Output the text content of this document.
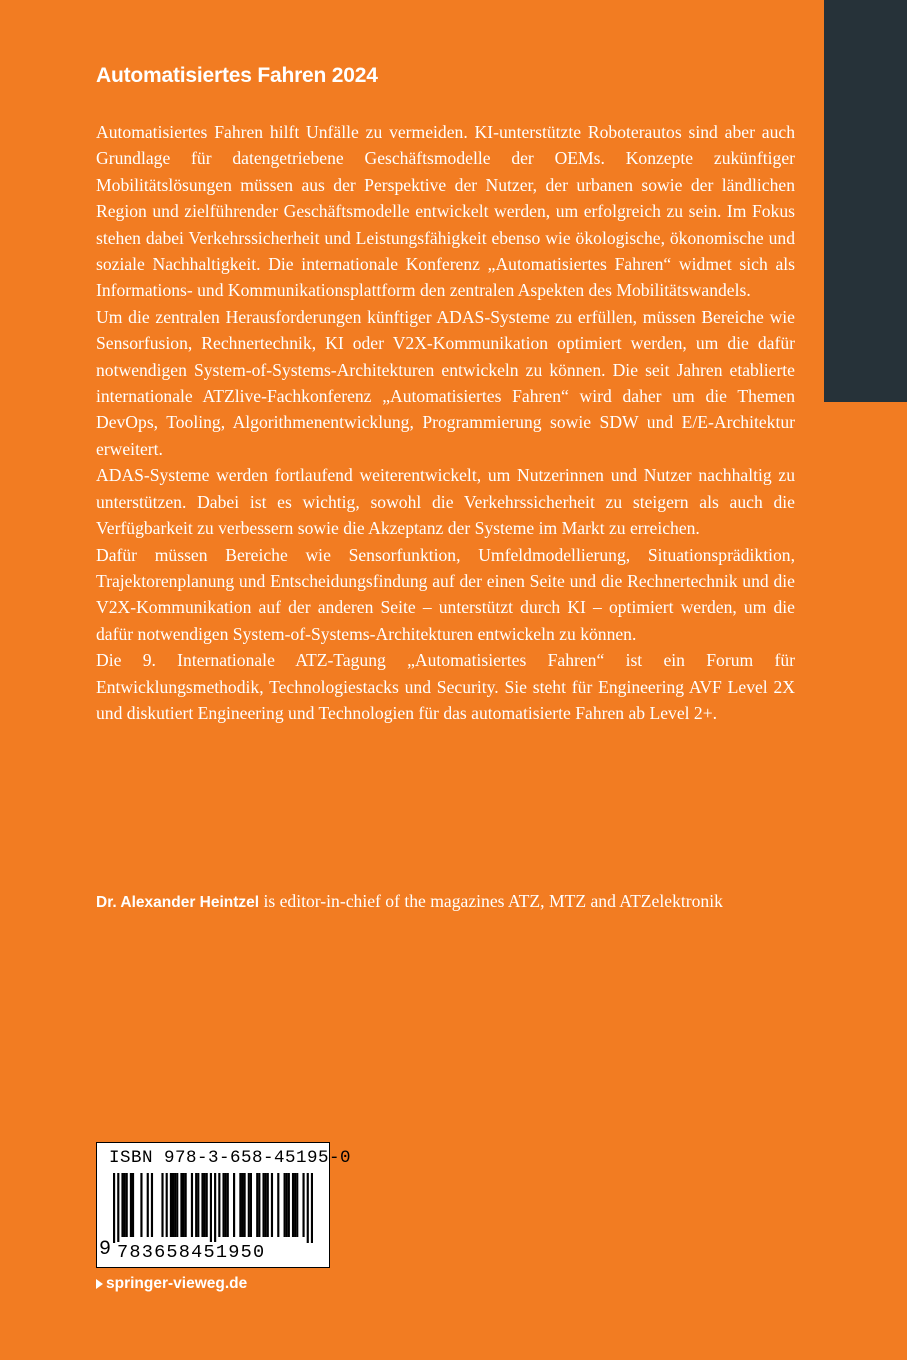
Automatisiertes Fahren 2024

Automatisiertes Fahren hilft Unfälle zu vermeiden. KI-unterstützte Roboterautos sind aber auch Grundlage für datengetriebene Geschäftsmodelle der OEMs. Konzepte zukünftiger Mobilitätslösungen müssen aus der Perspektive der Nutzer, der urbanen sowie der ländlichen Region und zielführender Geschäftsmodelle entwickelt werden, um erfolgreich zu sein. Im Fokus stehen dabei Verkehrssicherheit und Leistungsfähigkeit ebenso wie ökologische, ökonomische und soziale Nachhaltigkeit. Die internationale Konferenz „Automatisiertes Fahren“ widmet sich als Informations- und Kommunikationsplattform den zentralen Aspekten des Mobilitätswandels.

Um die zentralen Herausforderungen künftiger ADAS-Systeme zu erfüllen, müssen Bereiche wie Sensorfusion, Rechnertechnik, KI oder V2X-Kommunikation optimiert werden, um die dafür notwendigen System-of-Systems-Architekturen entwickeln zu können. Die seit Jahren etablierte internationale ATZlive-Fachkonferenz „Automatisiertes Fahren“ wird daher um die Themen DevOps, Tooling, Algorithmenentwicklung, Programmierung sowie SDW und E/E-Architektur erweitert.

ADAS-Systeme werden fortlaufend weiterentwickelt, um Nutzerinnen und Nutzer nachhaltig zu unterstützen. Dabei ist es wichtig, sowohl die Verkehrssicherheit zu steigern als auch die Verfügbarkeit zu verbessern sowie die Akzeptanz der Systeme im Markt zu erreichen.

Dafür müssen Bereiche wie Sensorfunktion, Umfeldmodellierung, Situationsprädiktion, Trajektorenplanung und Entscheidungsfindung auf der einen Seite und die Rechnertechnik und die V2X-Kommunikation auf der anderen Seite – unterstützt durch KI – optimiert werden, um die dafür notwendigen System-of-Systems-Architekturen entwickeln zu können.

Die 9. Internationale ATZ-Tagung „Automatisiertes Fahren“ ist ein Forum für Entwicklungsmethodik, Technologiestacks und Security. Sie steht für Engineering AVF Level 2X und diskutiert Engineering und Technologien für das automatisierte Fahren ab Level 2+.

Dr. Alexander Heintzel is editor-in-chief of the magazines ATZ, MTZ and ATZelektronik
ISBN 978-3-658-45195-0
9 783658451950
springer-vieweg.de
